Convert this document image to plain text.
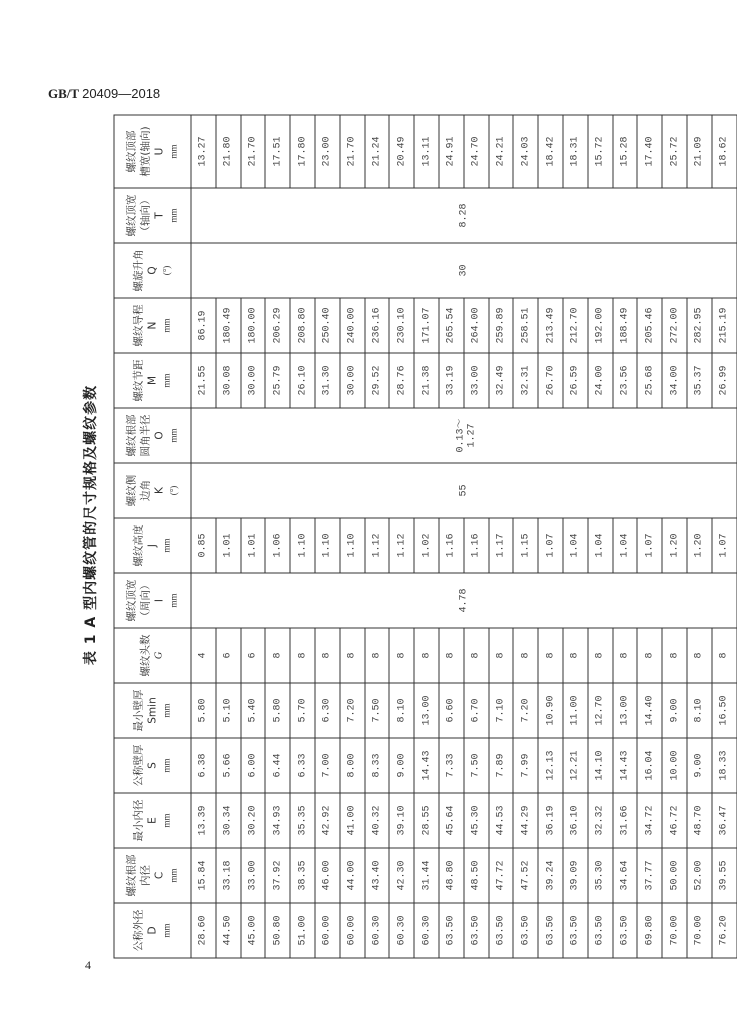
GB/T 20409—2018
表 1 A 型内螺纹管的尺寸规格及螺纹参数
公称外径 D mm	螺纹根部 内径 C mm	最小内径 E mm	公称壁厚 S mm	最小壁厚 Smin mm	螺纹头数 G	螺纹顶宽 （周向） I mm	螺纹高度 J mm	螺纹侧 边角 K (°)	螺纹根部 圆角半径 O mm	螺纹节距 M mm	螺纹导程 N mm	螺旋升角 Q (°)	螺纹顶宽 （轴向） T mm	螺纹顶部 槽宽(轴向) U mm

28.60	15.84	13.39	6.38	5.80	4	4.78	0.85	55	0.13～1.27	21.55	86.19	30	8.28	13.27
44.50	33.18	30.34	5.66	5.10	6		1.01			30.08	180.49			21.80
45.00	33.00	30.20	6.00	5.40	6		1.01			30.00	180.00			21.70
50.80	37.92	34.93	6.44	5.80	8		1.06			25.79	206.29			17.51
51.00	38.35	35.35	6.33	5.70	8		1.10			26.10	208.80			17.80
60.00	46.00	42.92	7.00	6.30	8		1.10			31.30	250.40			23.00
60.00	44.00	41.00	8.00	7.20	8		1.10			30.00	240.00			21.70
60.30	43.40	40.32	8.33	7.50	8		1.12			29.52	236.16			21.24
60.30	42.30	39.10	9.00	8.10	8		1.12			28.76	230.10			20.49
60.30	31.44	28.55	14.43	13.00	8		1.02			21.38	171.07			13.11
63.50	48.80	45.64	7.33	6.60	8		1.16			33.19	265.54			24.91
63.50	48.50	45.30	7.50	6.70	8		1.16			33.00	264.00			24.70
63.50	47.72	44.53	7.89	7.10	8		1.17			32.49	259.89			24.21
63.50	47.52	44.29	7.99	7.20	8		1.15			32.31	258.51			24.03
63.50	39.24	36.19	12.13	10.90	8		1.07			26.70	213.49			18.42
63.50	39.09	36.10	12.21	11.00	8		1.04			26.59	212.70			18.31
63.50	35.30	32.32	14.10	12.70	8		1.04			24.00	192.00			15.72
63.50	34.64	31.66	14.43	13.00	8		1.04			23.56	188.49			15.28
69.80	37.77	34.72	16.04	14.40	8		1.07			25.68	205.46			17.40
70.00	50.00	46.72	10.00	9.00	8		1.20			34.00	272.00			25.72
70.00	52.00	48.70	9.00	8.10	8		1.20			35.37	282.95			21.09
76.20	39.55	36.47	18.33	16.50	8		1.07			26.99	215.19			18.62
4
